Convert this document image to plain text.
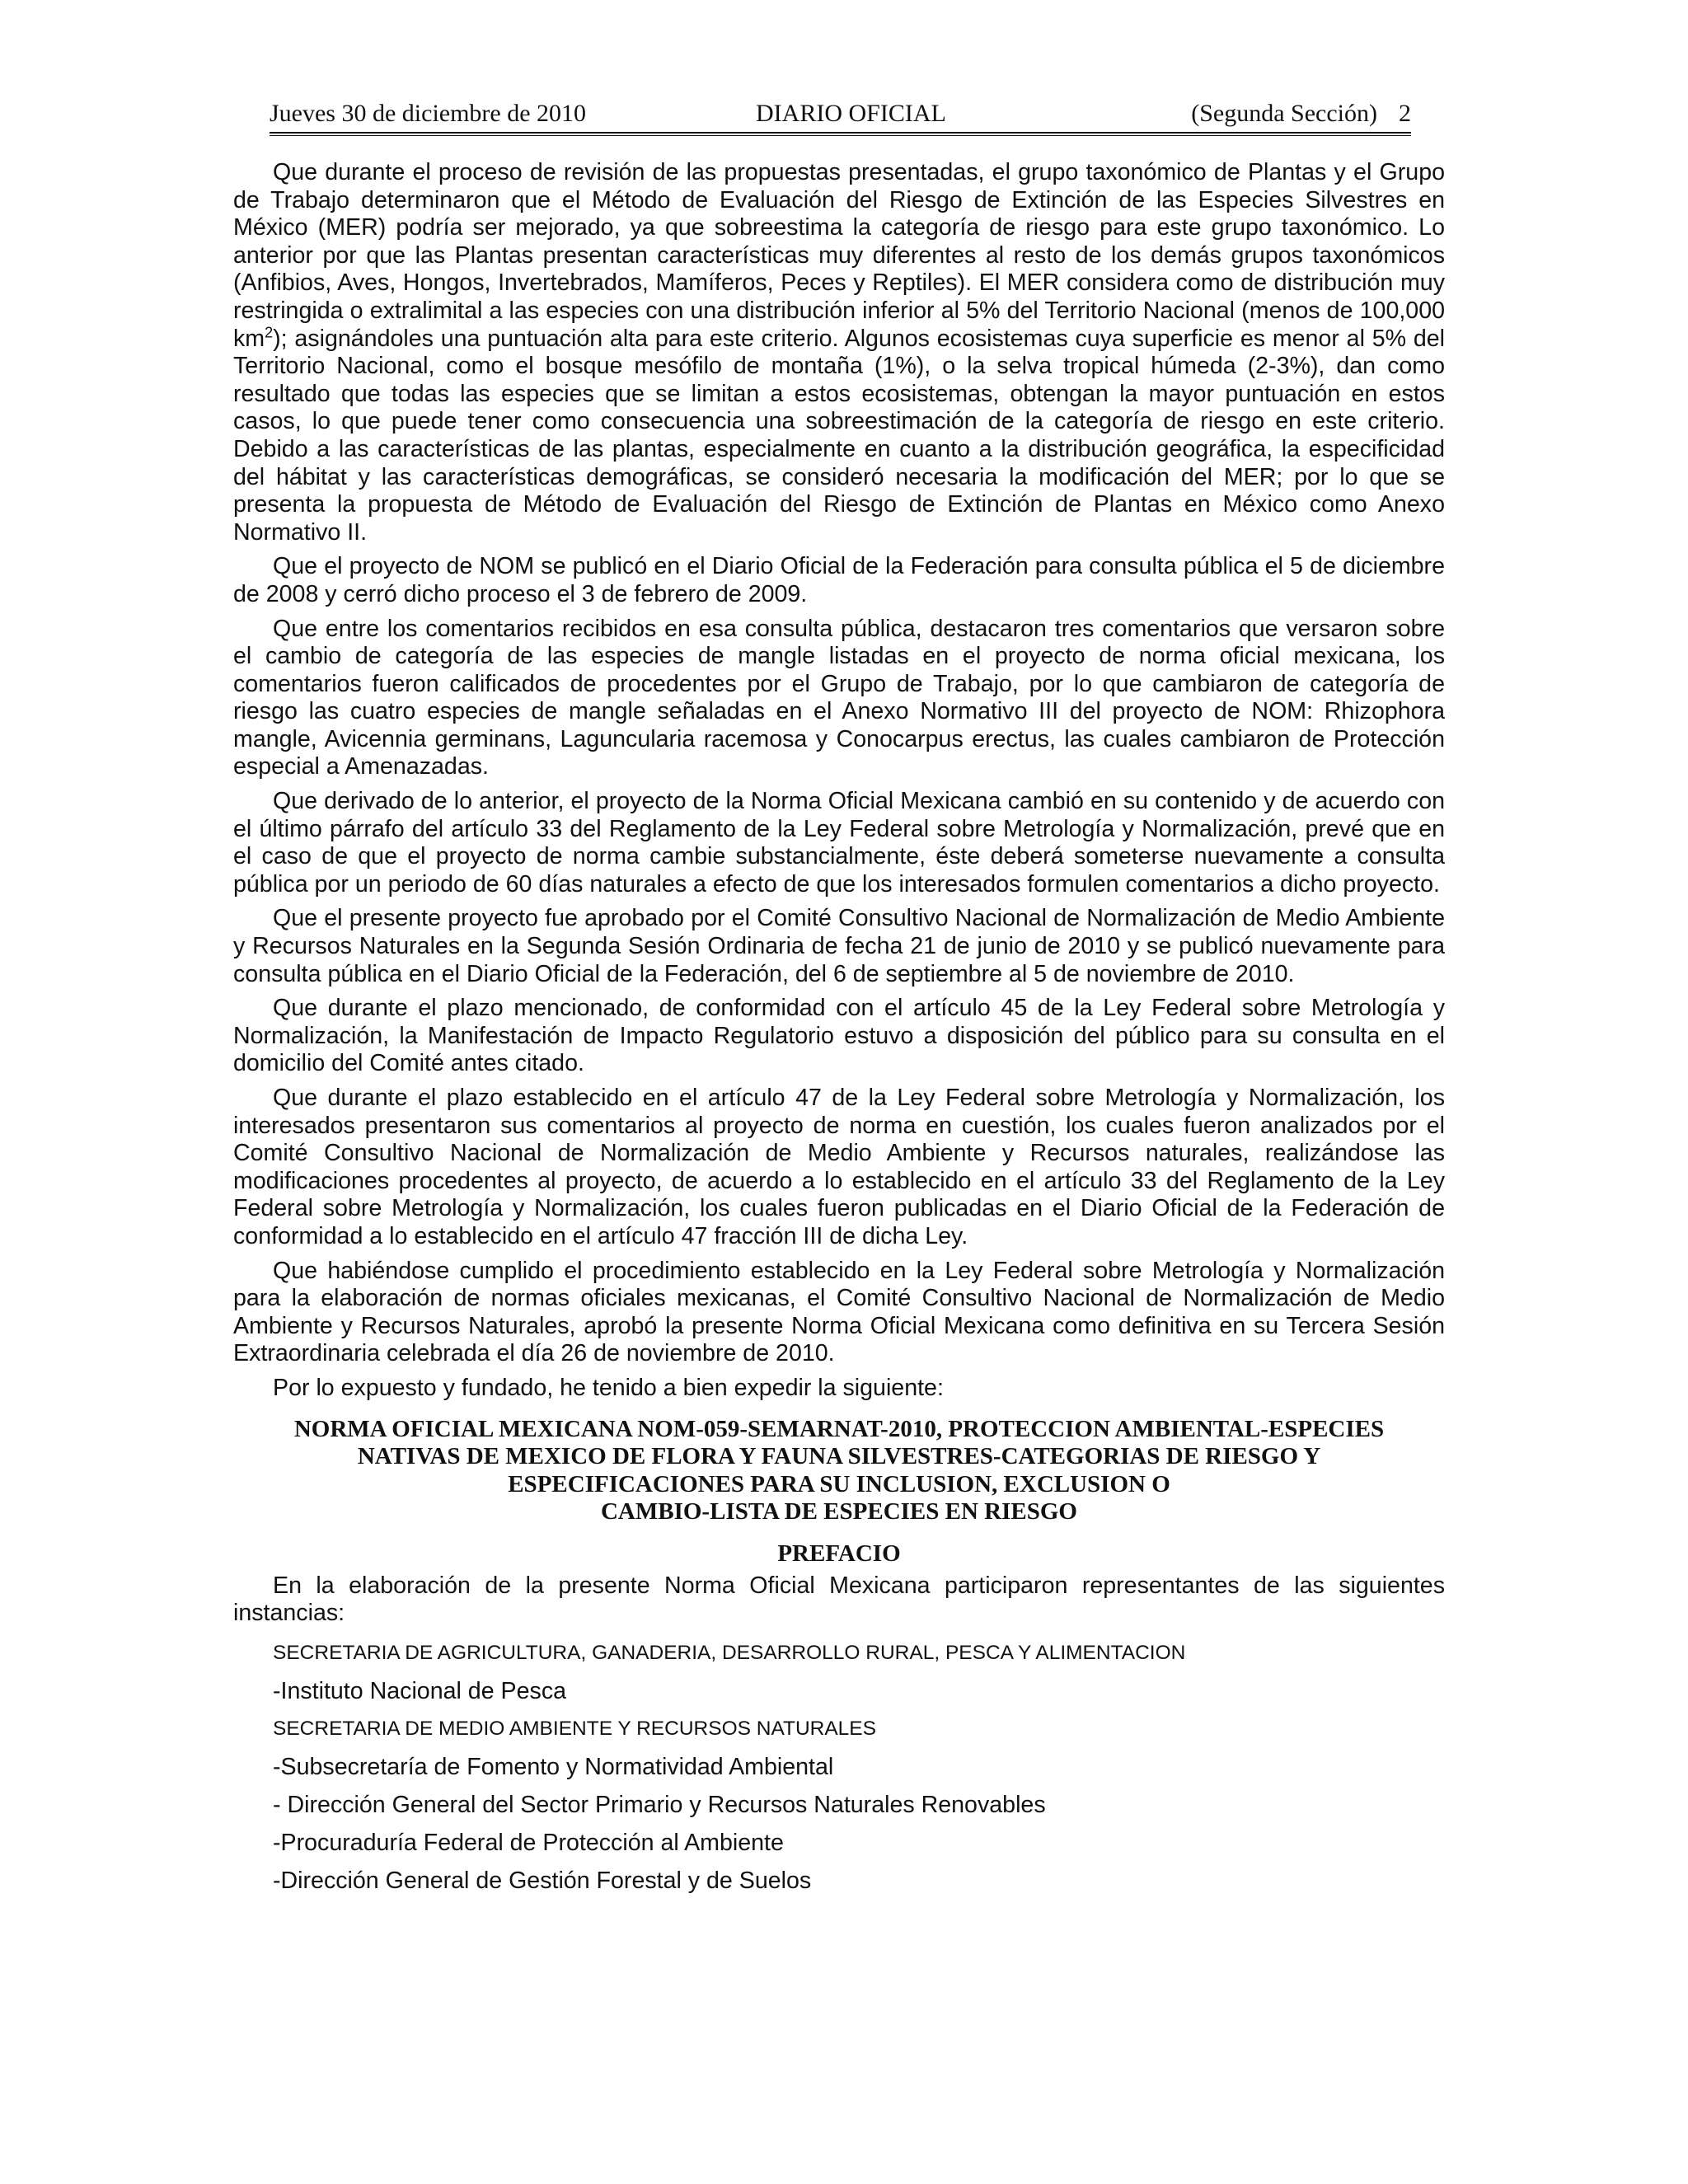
Jueves 30 de diciembre de 2010	DIARIO OFICIAL	(Segunda Sección) 2

Que durante el proceso de revisión de las propuestas presentadas, el grupo taxonómico de Plantas y el Grupo de Trabajo determinaron que el Método de Evaluación del Riesgo de Extinción de las Especies Silvestres en México (MER) podría ser mejorado, ya que sobreestima la categoría de riesgo para este grupo taxonómico. Lo anterior por que las Plantas presentan características muy diferentes al resto de los demás grupos taxonómicos (Anfibios, Aves, Hongos, Invertebrados, Mamíferos, Peces y Reptiles). El MER considera como de distribución muy restringida o extralimital a las especies con una distribución inferior al 5% del Territorio Nacional (menos de 100,000 $km^2$); asignándoles una puntuación alta para este criterio. Algunos ecosistemas cuya superficie es menor al 5% del Territorio Nacional, como el bosque mesófilo de montaña (1%), o la selva tropical húmeda (2-3%), dan como resultado que todas las especies que se limitan a estos ecosistemas, obtengan la mayor puntuación en estos casos, lo que puede tener como consecuencia una sobreestimación de la categoría de riesgo en este criterio. Debido a las características de las plantas, especialmente en cuanto a la distribución geográfica, la especificidad del hábitat y las características demográficas, se consideró necesaria la modificación del MER; por lo que se presenta la propuesta de Método de Evaluación del Riesgo de Extinción de Plantas en México como Anexo Normativo II.

Que el proyecto de NOM se publicó en el Diario Oficial de la Federación para consulta pública el 5 de diciembre de 2008 y cerró dicho proceso el 3 de febrero de 2009.

Que entre los comentarios recibidos en esa consulta pública, destacaron tres comentarios que versaron sobre el cambio de categoría de las especies de mangle listadas en el proyecto de norma oficial mexicana, los comentarios fueron calificados de procedentes por el Grupo de Trabajo, por lo que cambiaron de categoría de riesgo las cuatro especies de mangle señaladas en el Anexo Normativo III del proyecto de NOM: Rhizophora mangle, Avicennia germinans, Laguncularia racemosa y Conocarpus erectus, las cuales cambiaron de Protección especial a Amenazadas.

Que derivado de lo anterior, el proyecto de la Norma Oficial Mexicana cambió en su contenido y de acuerdo con el último párrafo del artículo 33 del Reglamento de la Ley Federal sobre Metrología y Normalización, prevé que en el caso de que el proyecto de norma cambie substancialmente, éste deberá someterse nuevamente a consulta pública por un periodo de 60 días naturales a efecto de que los interesados formulen comentarios a dicho proyecto.

Que el presente proyecto fue aprobado por el Comité Consultivo Nacional de Normalización de Medio Ambiente y Recursos Naturales en la Segunda Sesión Ordinaria de fecha 21 de junio de 2010 y se publicó nuevamente para consulta pública en el Diario Oficial de la Federación, del 6 de septiembre al 5 de noviembre de 2010.

Que durante el plazo mencionado, de conformidad con el artículo 45 de la Ley Federal sobre Metrología y Normalización, la Manifestación de Impacto Regulatorio estuvo a disposición del público para su consulta en el domicilio del Comité antes citado.

Que durante el plazo establecido en el artículo 47 de la Ley Federal sobre Metrología y Normalización, los interesados presentaron sus comentarios al proyecto de norma en cuestión, los cuales fueron analizados por el Comité Consultivo Nacional de Normalización de Medio Ambiente y Recursos naturales, realizándose las modificaciones procedentes al proyecto, de acuerdo a lo establecido en el artículo 33 del Reglamento de la Ley Federal sobre Metrología y Normalización, los cuales fueron publicadas en el Diario Oficial de la Federación de conformidad a lo establecido en el artículo 47 fracción III de dicha Ley.

Que habiéndose cumplido el procedimiento establecido en la Ley Federal sobre Metrología y Normalización para la elaboración de normas oficiales mexicanas, el Comité Consultivo Nacional de Normalización de Medio Ambiente y Recursos Naturales, aprobó la presente Norma Oficial Mexicana como definitiva en su Tercera Sesión Extraordinaria celebrada el día 26 de noviembre de 2010.

Por lo expuesto y fundado, he tenido a bien expedir la siguiente:

NORMA OFICIAL MEXICANA NOM-059-SEMARNAT-2010, PROTECCION AMBIENTAL-ESPECIES
NATIVAS DE MEXICO DE FLORA Y FAUNA SILVESTRES-CATEGORIAS DE RIESGO Y
ESPECIFICACIONES PARA SU INCLUSION, EXCLUSION O
CAMBIO-LISTA DE ESPECIES EN RIESGO
PREFACIO

En la elaboración de la presente Norma Oficial Mexicana participaron representantes de las siguientes instancias:

SECRETARIA DE AGRICULTURA, GANADERIA, DESARROLLO RURAL, PESCA Y ALIMENTACION
-Instituto Nacional de Pesca
SECRETARIA DE MEDIO AMBIENTE Y RECURSOS NATURALES
-Subsecretaría de Fomento y Normatividad Ambiental
- Dirección General del Sector Primario y Recursos Naturales Renovables
-Procuraduría Federal de Protección al Ambiente
-Dirección General de Gestión Forestal y de Suelos
